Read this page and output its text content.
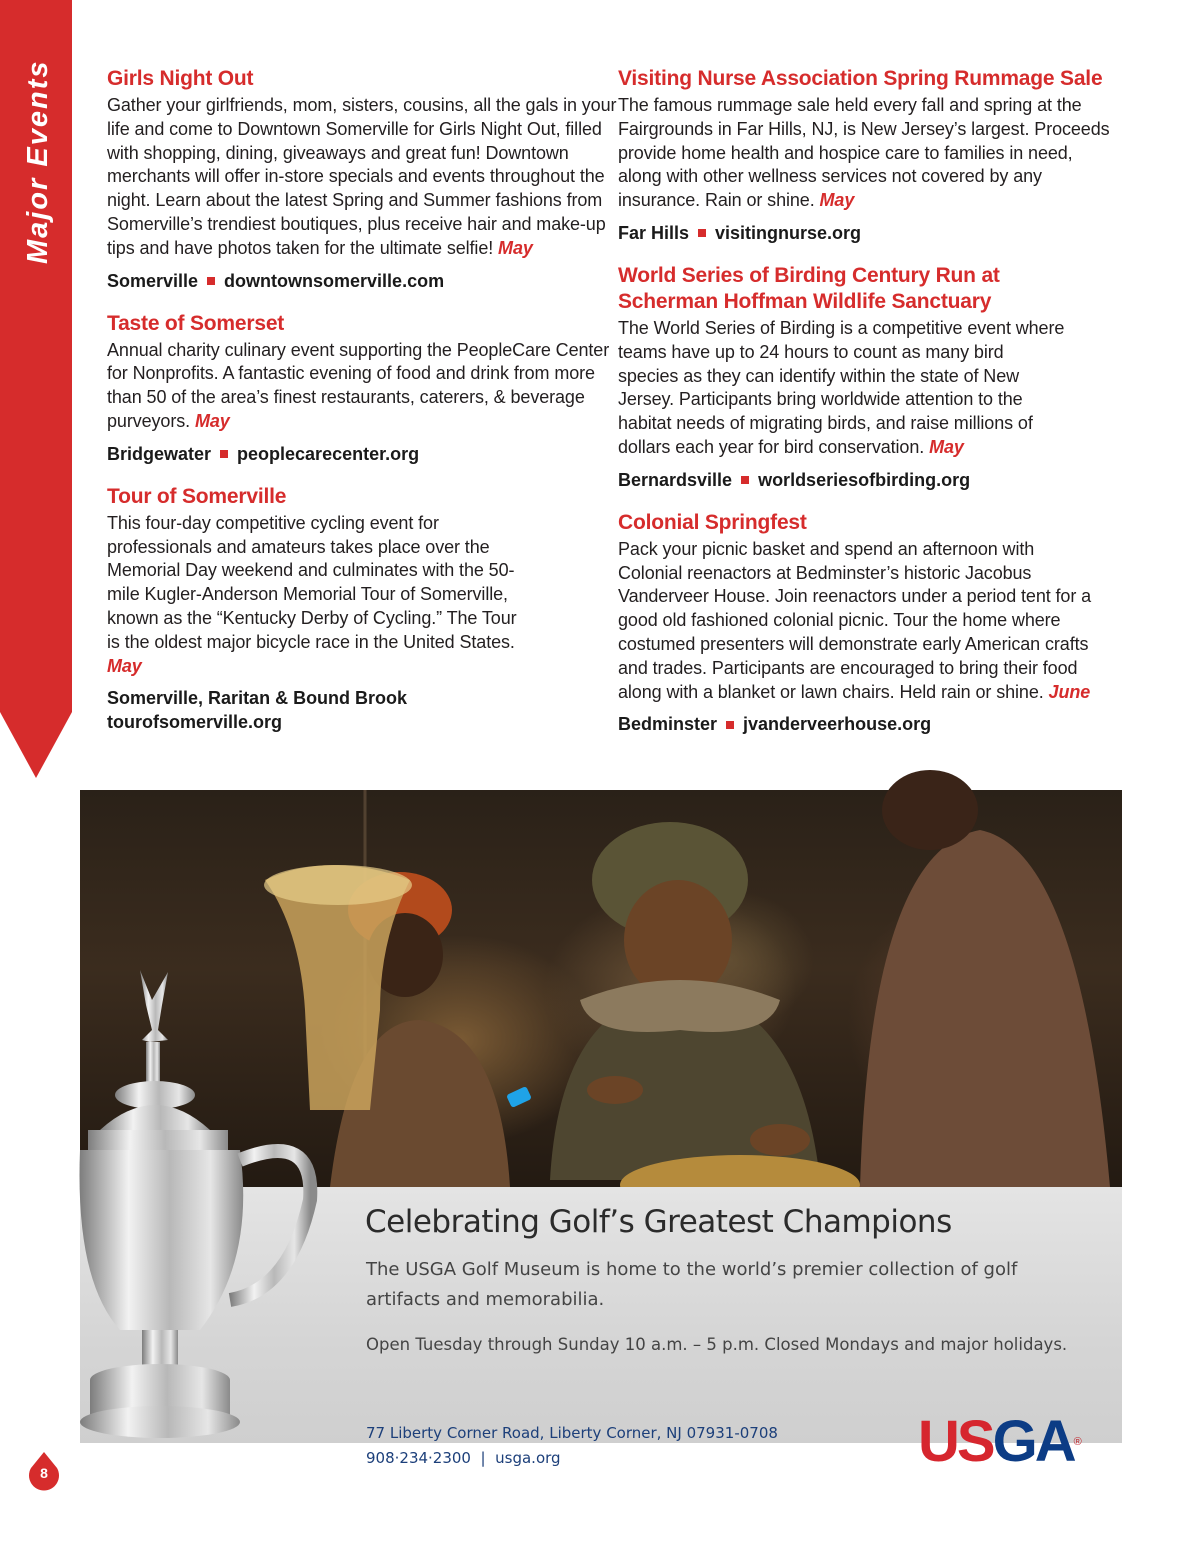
Major Events	Girls Night Out
Gather your girlfriends, mom, sisters, cousins, all the gals in your life and come to Downtown Somerville for Girls Night Out, filled with shopping, dining, giveaways and great fun! Downtown merchants will offer in-store specials and events throughout the night. Learn about the latest Spring and Summer fashions from Somerville’s trendiest boutiques, plus receive hair and make-up tips and have photos taken for the ultimate selfie! May
Somerville downtownsomerville.com
Taste of Somerset
Annual charity culinary event supporting the PeopleCare Center for Nonprofits. A fantastic evening of food and drink from more than 50 of the area’s finest restaurants, caterers, & beverage purveyors. May
Bridgewater peoplecarecenter.org
Tour of Somerville
This four-day competitive cycling event for professionals and amateurs takes place over the Memorial Day weekend and culminates with the 50-mile Kugler-Anderson Memorial Tour of Somerville, known as the “Kentucky Derby of Cycling.” The Tour is the oldest major bicycle race in the United States. May
Somerville, Raritan & Bound Brook
tourofsomerville.org
Visiting Nurse Association Spring Rummage Sale
The famous rummage sale held every fall and spring at the Fairgrounds in Far Hills, NJ, is New Jersey’s largest. Proceeds provide home health and hospice care to families in need, along with other wellness services not covered by any insurance. Rain or shine. May
Far Hills visitingnurse.org
World Series of Birding Century Run at Scherman Hoffman Wildlife Sanctuary
The World Series of Birding is a competitive event where teams have up to 24 hours to count as many bird species as they can identify within the state of New Jersey. Participants bring worldwide attention to the habitat needs of migrating birds, and raise millions of dollars each year for bird conservation. May
Bernardsville worldseriesofbirding.org
Colonial Springfest
Pack your picnic basket and spend an afternoon with Colonial reenactors at Bedminster’s historic Jacobus Vanderveer House. Join reenactors under a period tent for a good old fashioned colonial picnic. Tour the home where costumed presenters will demonstrate early American crafts and trades. Participants are encouraged to bring their food along with a blanket or lawn chairs. Held rain or shine. June
Bedminster jvanderveerhouse.org
Celebrating Golf’s Greatest Champions
The USGA Golf Museum is home to the world’s premier collection of golf artifacts and memorabilia.
Open Tuesday through Sunday 10 a.m. – 5 p.m. Closed Mondays and major holidays.
77 Liberty Corner Road, Liberty Corner, NJ 07931-0708
908·234·2300 | usga.org	USGA®
8
